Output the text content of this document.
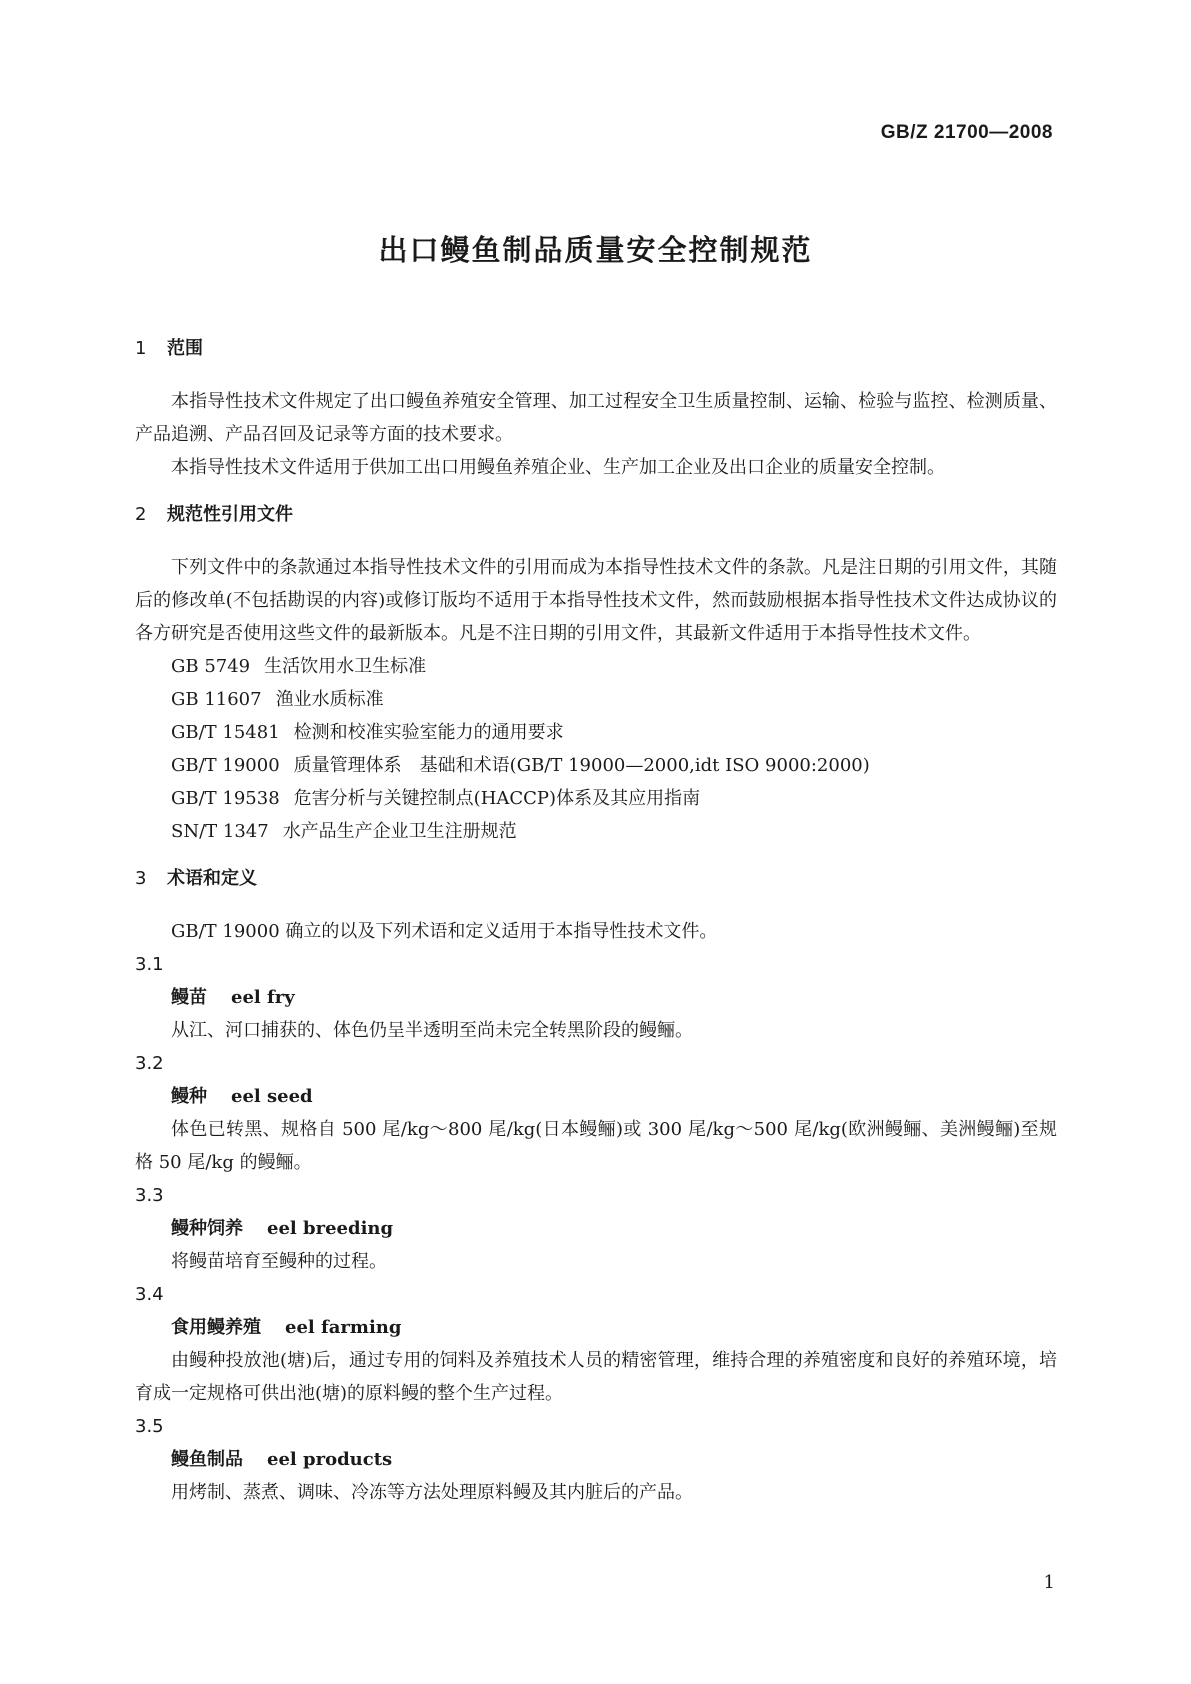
GB/Z 21700—2008

出口鳗鱼制品质量安全控制规范
1 范围

本指导性技术文件规定了出口鳗鱼养殖安全管理、加工过程安全卫生质量控制、运输、检验与监控、检测质量、产品追溯、产品召回及记录等方面的技术要求。

本指导性技术文件适用于供加工出口用鳗鱼养殖企业、生产加工企业及出口企业的质量安全控制。

2 规范性引用文件

下列文件中的条款通过本指导性技术文件的引用而成为本指导性技术文件的条款。凡是注日期的引用文件，其随后的修改单(不包括勘误的内容)或修订版均不适用于本指导性技术文件，然而鼓励根据本指导性技术文件达成协议的各方研究是否使用这些文件的最新版本。凡是不注日期的引用文件，其最新文件适用于本指导性技术文件。

GB 5749 生活饮用水卫生标准
GB 11607 渔业水质标准
GB/T 15481 检测和校准实验室能力的通用要求
GB/T 19000 质量管理体系　基础和术语(GB/T 19000—2000,idt ISO 9000:2000)
GB/T 19538 危害分析与关键控制点(HACCP)体系及其应用指南
SN/T 1347 水产品生产企业卫生注册规范
3 术语和定义

GB/T 19000 确立的以及下列术语和定义适用于本指导性技术文件。

3.1

鳗苗 eel fry

从江、河口捕获的、体色仍呈半透明至尚未完全转黑阶段的鳗鲡。

3.2

鳗种 eel seed

体色已转黑、规格自 500 尾/kg～800 尾/kg(日本鳗鲡)或 300 尾/kg～500 尾/kg(欧洲鳗鲡、美洲鳗鲡)至规格 50 尾/kg 的鳗鲡。

3.3

鳗种饲养 eel breeding

将鳗苗培育至鳗种的过程。

3.4

食用鳗养殖 eel farming

由鳗种投放池(塘)后，通过专用的饲料及养殖技术人员的精密管理，维持合理的养殖密度和良好的养殖环境，培育成一定规格可供出池(塘)的原料鳗的整个生产过程。

3.5

鳗鱼制品 eel products

用烤制、蒸煮、调味、冷冻等方法处理原料鳗及其内脏后的产品。

1
